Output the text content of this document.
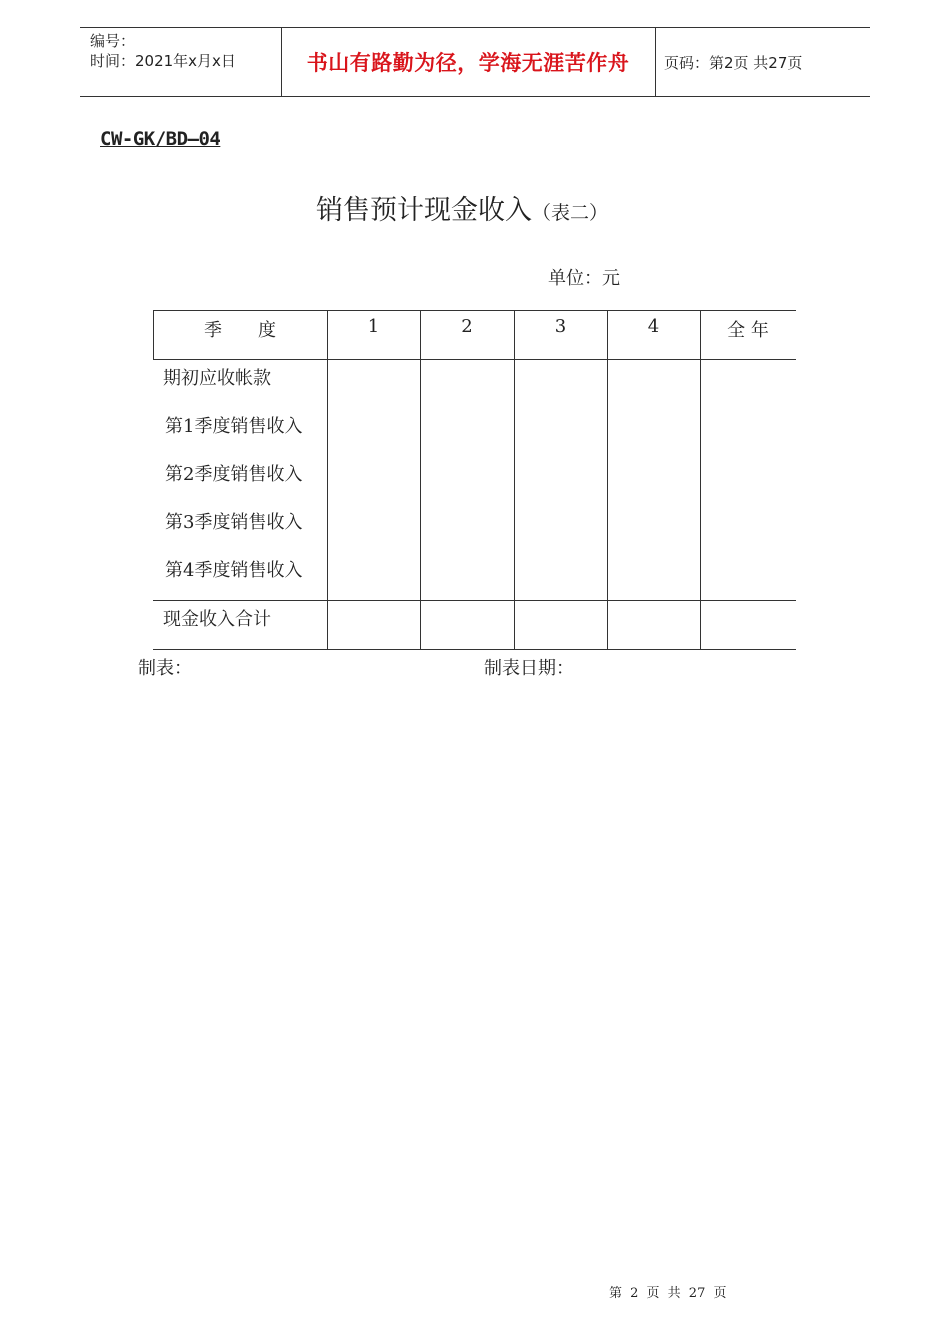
编号：
时间：2021年x月x日	书山有路勤为径，学海无涯苦作舟	页码：第2页 共27页
CW-GK/BD—04
销售预计现金收入（表二）
单位：元
季　　度	1	2	3	4	全 年
期初应收帐款
第1季度销售收入
第2季度销售收入
第3季度销售收入
第4季度销售收入
现金收入合计
制表：	制表日期：
第 2 页 共 27 页
